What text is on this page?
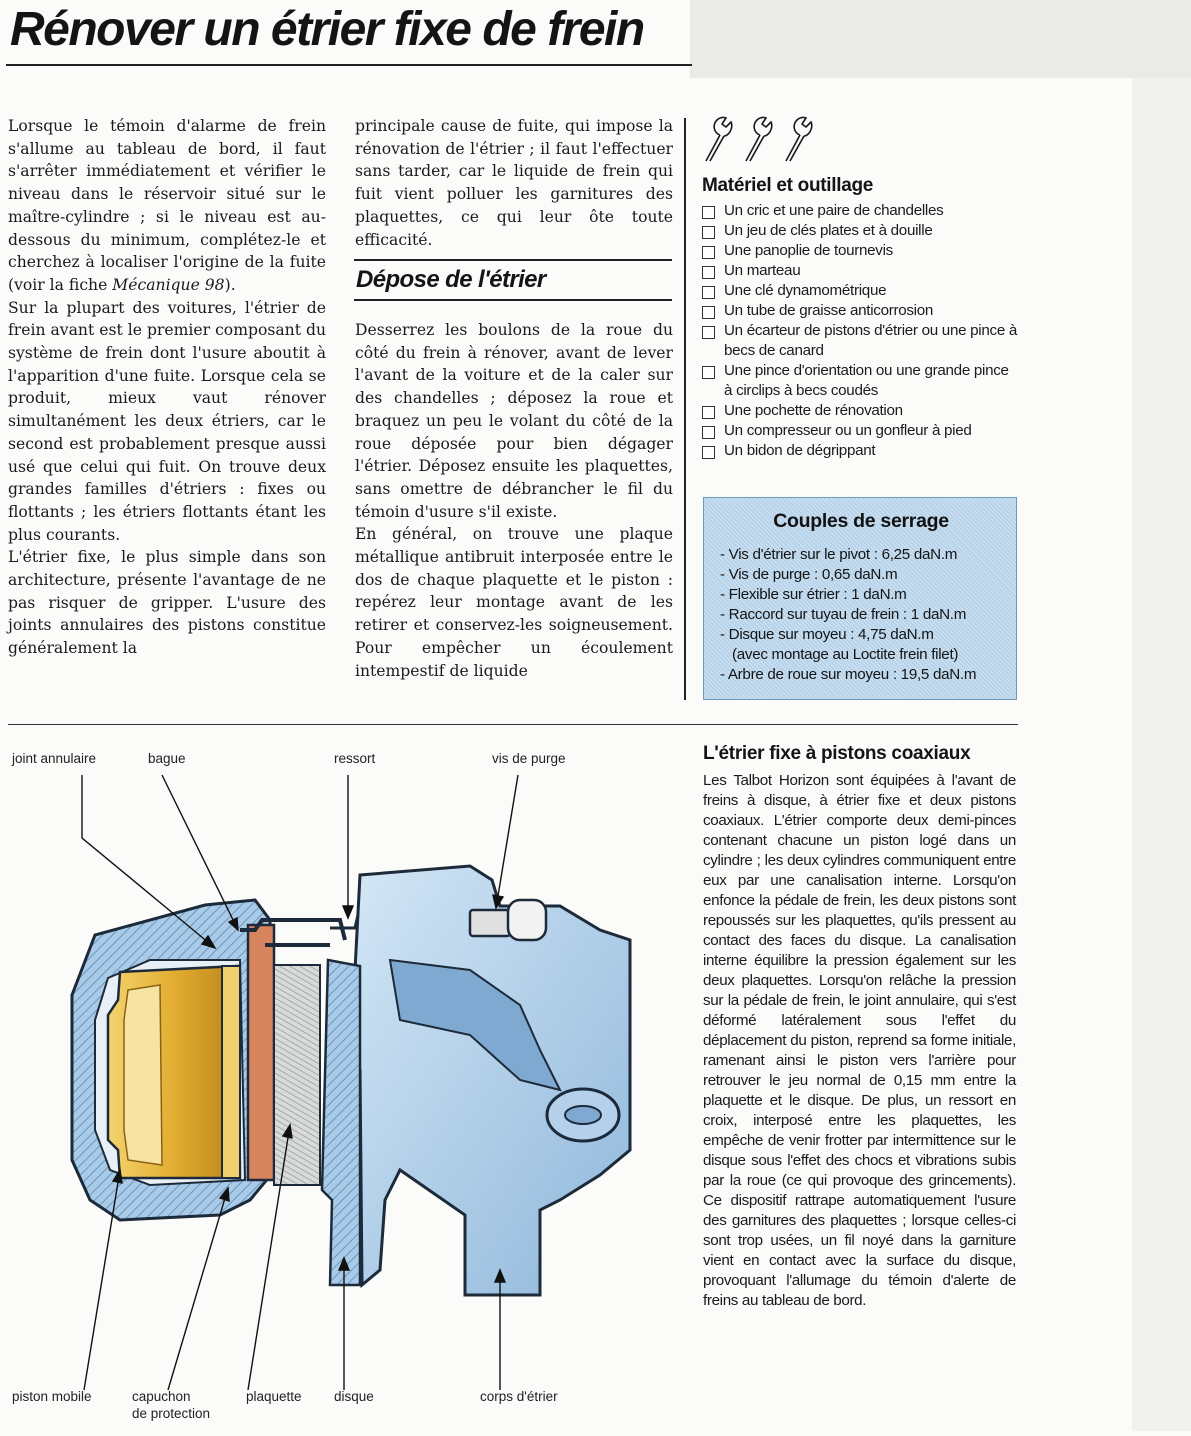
Rénover un étrier fixe de frein

Lorsque le témoin d'alarme de frein s'allume au tableau de bord, il faut s'arrêter immédiatement et vérifier le niveau dans le réservoir situé sur le maître-cylindre ; si le niveau est au-dessous du minimum, complétez-le et cherchez à localiser l'origine de la fuite (voir la fiche Mécanique 98).

Sur la plupart des voitures, l'étrier de frein avant est le premier composant du système de frein dont l'usure aboutit à l'apparition d'une fuite. Lorsque cela se produit, mieux vaut rénover simultanément les deux étriers, car le second est probablement presque aussi usé que celui qui fuit. On trouve deux grandes familles d'étriers : fixes ou flottants ; les étriers flottants étant les plus courants.

L'étrier fixe, le plus simple dans son architecture, présente l'avantage de ne pas risquer de gripper. L'usure des joints annulaires des pistons constitue généralement la

principale cause de fuite, qui impose la rénovation de l'étrier ; il faut l'effectuer sans tarder, car le liquide de frein qui fuit vient polluer les garnitures des plaquettes, ce qui leur ôte toute efficacité.

Dépose de l'étrier

Desserrez les boulons de la roue du côté du frein à rénover, avant de lever l'avant de la voiture et de la caler sur des chandelles ; déposez la roue et braquez un peu le volant du côté de la roue déposée pour bien dégager l'étrier. Déposez ensuite les plaquettes, sans omettre de débrancher le fil du témoin d'usure s'il existe.

En général, on trouve une plaque métallique antibruit interposée entre le dos de chaque plaquette et le piston : repérez leur montage avant de les retirer et conservez-les soigneusement. Pour empêcher un écoulement intempestif de liquide

Matériel et outillage
Un cric et une paire de chandelles
Un jeu de clés plates et à douille
Une panoplie de tournevis
Un marteau
Une clé dynamométrique
Un tube de graisse anticorrosion
Un écarteur de pistons d'étrier ou une pince à becs de canard
Une pince d'orientation ou une grande pince à circlips à becs coudés
Une pochette de rénovation
Un compresseur ou un gonfleur à pied
Un bidon de dégrippant
Couples de serrage
- Vis d'étrier sur le pivot : 6,25 daN.m
- Vis de purge : 0,65 daN.m
- Flexible sur étrier : 1 daN.m
- Raccord sur tuyau de frein : 1 daN.m
- Disque sur moyeu : 4,75 daN.m
(avec montage au Loctite frein filet)
- Arbre de roue sur moyeu : 19,5 daN.m
joint annulaire	bague	ressort	vis de purge
piston mobile	capuchon
de protection
plaquette disque	corps d'étrier
L'étrier fixe à pistons coaxiaux

Les Talbot Horizon sont équipées à l'avant de freins à disque, à étrier fixe et deux pistons coaxiaux. L'étrier comporte deux demi-pinces contenant chacune un piston logé dans un cylindre ; les deux cylindres communiquent entre eux par une canalisation interne. Lorsqu'on enfonce la pédale de frein, les deux pistons sont repoussés sur les plaquettes, qu'ils pressent au contact des faces du disque. La canalisation interne équilibre la pression également sur les deux plaquettes. Lorsqu'on relâche la pression sur la pédale de frein, le joint annulaire, qui s'est déformé latéralement sous l'effet du déplacement du piston, reprend sa forme initiale, ramenant ainsi le piston vers l'arrière pour retrouver le jeu normal de 0,15 mm entre la plaquette et le disque. De plus, un ressort en croix, interposé entre les plaquettes, les empêche de venir frotter par intermittence sur le disque sous l'effet des chocs et vibrations subis par la roue (ce qui provoque des grincements). Ce dispositif rattrape automatiquement l'usure des garnitures des plaquettes ; lorsque celles-ci sont trop usées, un fil noyé dans la garniture vient en contact avec la surface du disque, provoquant l'allumage du témoin d'alerte de freins au tableau de bord.
